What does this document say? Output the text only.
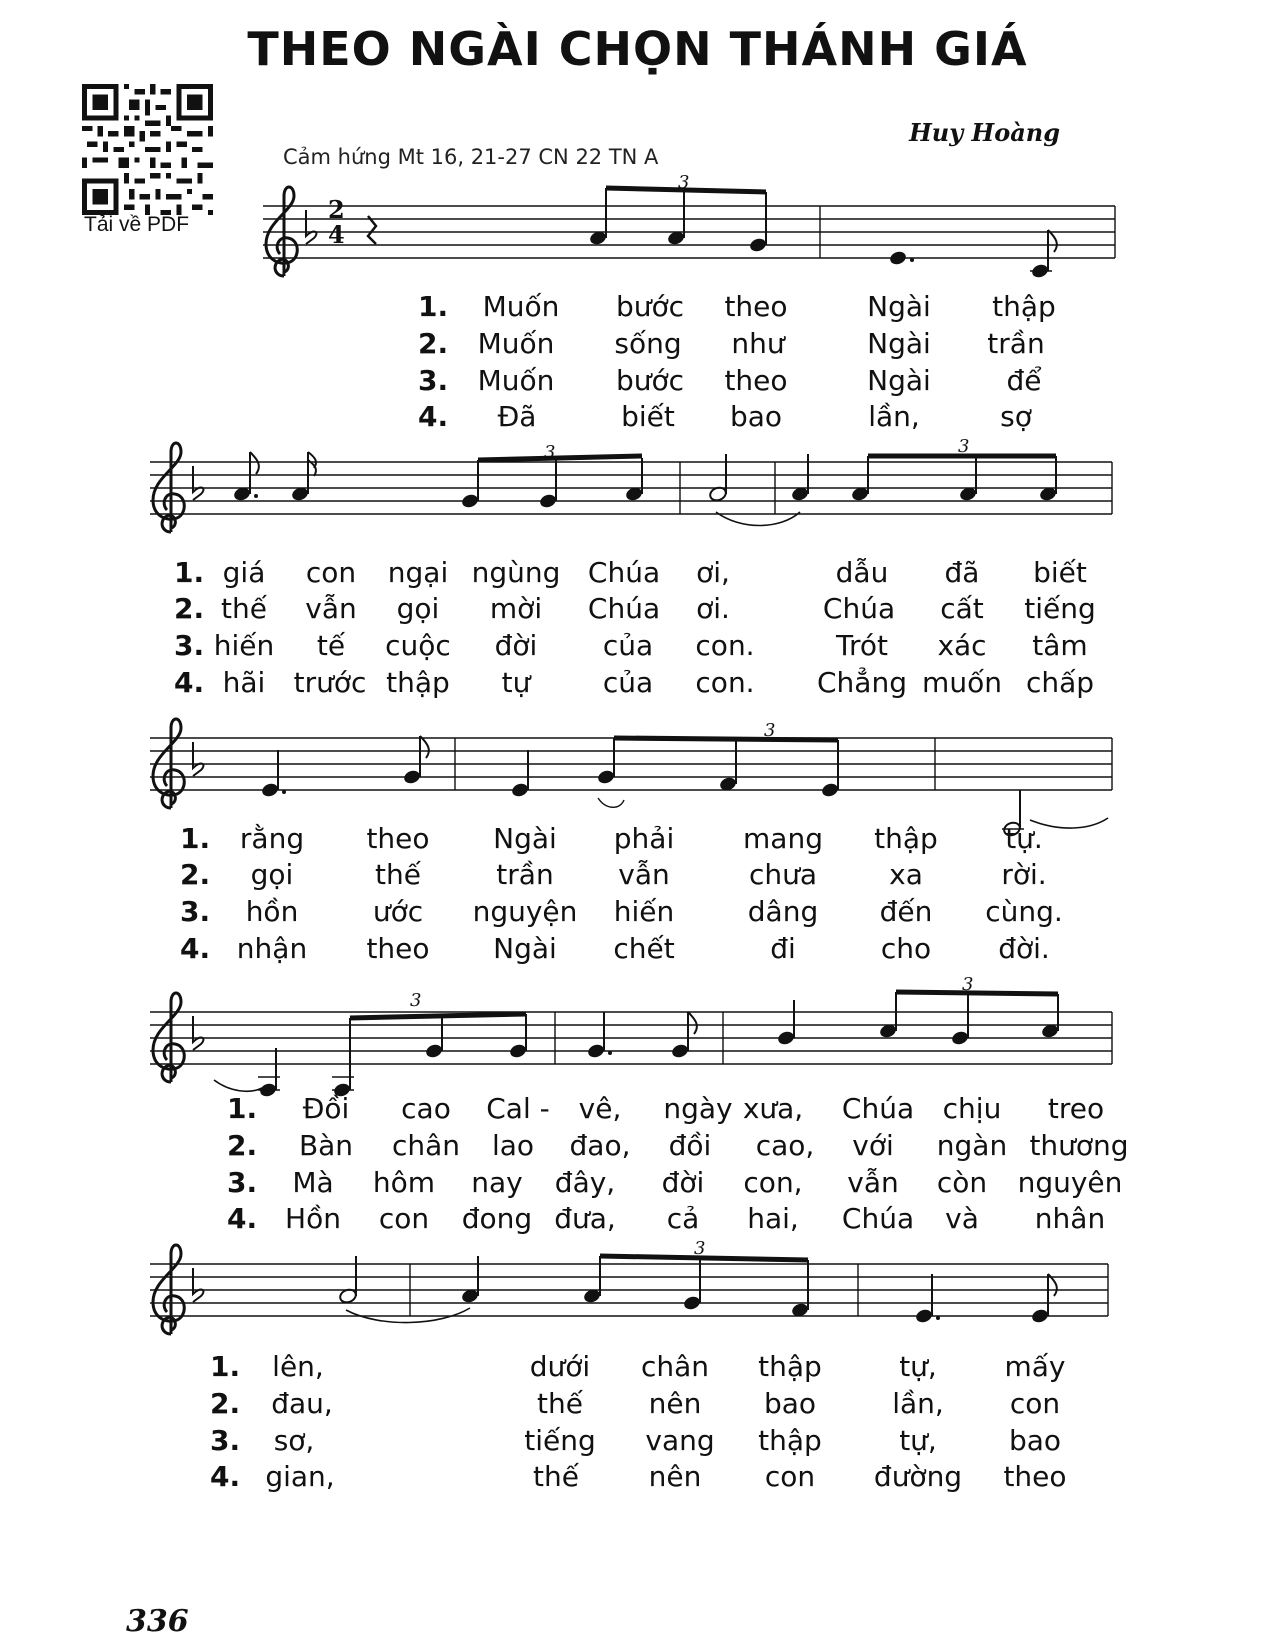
THEO NGÀI CHỌN THÁNH GIÁ
Huy Hoàng
Cảm hứng Mt 16, 21-27 CN 22 TN A
Tải về PDF
2
4
3
3	3
3
3
3
3
1. Muốn bước theo	Ngài thập
2. Muốn sống như	Ngài trần
3. Muốn bước theo	Ngài	để
4. Đã	biết bao	lần,	sợ
1. giá con ngại ngùng Chúa ơi,	dẫu đã biết
2. thế vẫn gọi mời Chúa ơi.	Chúa cất tiếng
3. hiến tế cuộc đời của con.	Trót xác tâm
4. hãi trước thập tự	của con. Chẳng muốn chấp
1. rằng theo Ngài phải mang thập tự.
2. gọi	thế	trần vẫn	chưa	xa	rời.
3. hồn	ước nguyện hiến	dâng đến cùng.
4. nhận theo Ngài chết	đi	cho đời.
1. Đồi cao Cal - vê, ngày xưa, Chúa chịu treo
2. Bàn chân lao đao, đồi cao, với ngàn thương
3. Mà hôm nay đây, đời con, vẫn còn nguyên
4. Hồn con đong đưa, cả hai, Chúa và nhân
1. lên,	dưới chân thập	tự, mấy
2. đau,	thế nên bao	lần, con
3. sơ,	tiếng vang thập	tự,	bao
4. gian,	thế nên con đường theo
336
